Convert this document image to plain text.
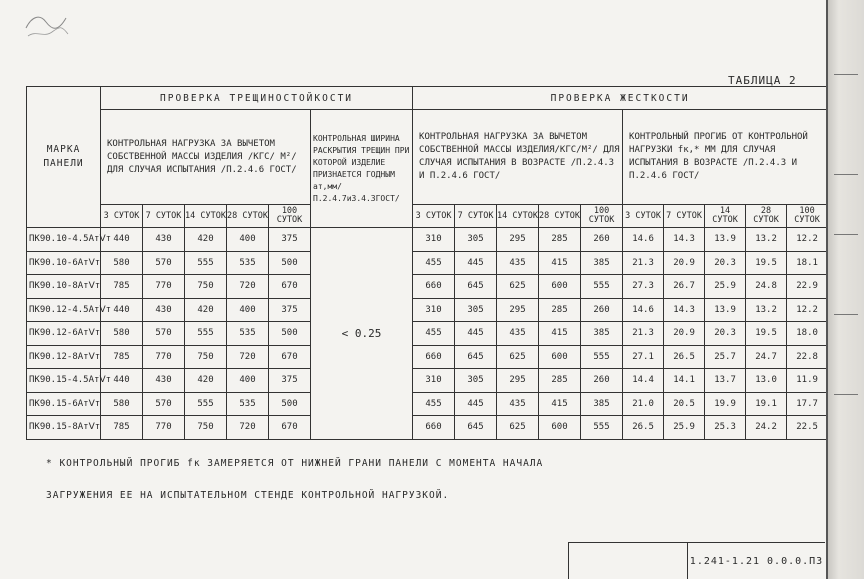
ТАБЛИЦА 2
МАРКА ПАНЕЛИ	ПРОВЕРКА ТРЕЩИНОСТОЙКОСТИ						ПРОВЕРКА ЖЕСТКОСТИ									
	КОНТРОЛЬНАЯ НАГРУЗКА ЗА ВЫЧЕТОМ СОБСТВЕННОЙ МАССЫ ИЗДЕЛИЯ /КГС/ М²/ ДЛЯ СЛУЧАЯ ИСПЫТАНИЯ /П.2.4.6 ГОСТ/					КОНТРОЛЬНАЯ ШИРИНА РАСКРЫТИЯ ТРЕЩИН ПРИ КОТОРОЙ ИЗДЕЛИЕ ПРИЗНАЕТСЯ ГОДНЫМ aт,мм/П.2.4.7и3.4.3ГОСТ/	КОНТРОЛЬНАЯ НАГРУЗКА ЗА ВЫЧЕТОМ СОБСТВЕННОЙ МАССЫ ИЗДЕЛИЯ/КГС/М²/ ДЛЯ СЛУЧАЯ ИСПЫТАНИЯ В ВОЗРАСТЕ /П.2.4.3 И П.2.4.6 ГОСТ/					КОНТРОЛЬНЫЙ ПРОГИБ ОТ КОНТРОЛЬНОЙ НАГРУЗКИ fк,* ММ ДЛЯ СЛУЧАЯ ИСПЫТАНИЯ В ВОЗРАСТЕ /П.2.4.3 И П.2.4.6 ГОСТ/				
	3 СУТОК	7 СУТОК	14 СУТОК	28 СУТОК	100 СУТОК		3 СУТОК	7 СУТОК	14 СУТОК	28 СУТОК	100 СУТОК	3 СУТОК	7 СУТОК	14 СУТОК	28 СУТОК	100 СУТОК
ПК90.10-4.5АтⅤт	440	430	420	400	375	< 0.25	310	305	295	285	260	14.6	14.3	13.9	13.2	12.2
ПК90.10-6АтⅤт	580	570	555	535	500		455	445	435	415	385	21.3	20.9	20.3	19.5	18.1
ПК90.10-8АтⅤт	785	770	750	720	670		660	645	625	600	555	27.3	26.7	25.9	24.8	22.9
ПК90.12-4.5АтⅤт	440	430	420	400	375		310	305	295	285	260	14.6	14.3	13.9	13.2	12.2
ПК90.12-6АтⅤт	580	570	555	535	500		455	445	435	415	385	21.3	20.9	20.3	19.5	18.0
ПК90.12-8АтⅤт	785	770	750	720	670		660	645	625	600	555	27.1	26.5	25.7	24.7	22.8
ПК90.15-4.5АтⅤт	440	430	420	400	375		310	305	295	285	260	14.4	14.1	13.7	13.0	11.9
ПК90.15-6АтⅤт	580	570	555	535	500		455	445	435	415	385	21.0	20.5	19.9	19.1	17.7
ПК90.15-8АтⅤт	785	770	750	720	670		660	645	625	600	555	26.5	25.9	25.3	24.2	22.5
* КОНТРОЛЬНЫЙ ПРОГИБ fк ЗАМЕРЯЕТСЯ ОТ НИЖНЕЙ ГРАНИ ПАНЕЛИ С МОМЕНТА НАЧАЛА
ЗАГРУЖЕНИЯ ЕЕ НА ИСПЫТАТЕЛЬНОМ СТЕНДЕ КОНТРОЛЬНОЙ НАГРУЗКОЙ.
1.241-1.21 0.0.0.ПЗ
